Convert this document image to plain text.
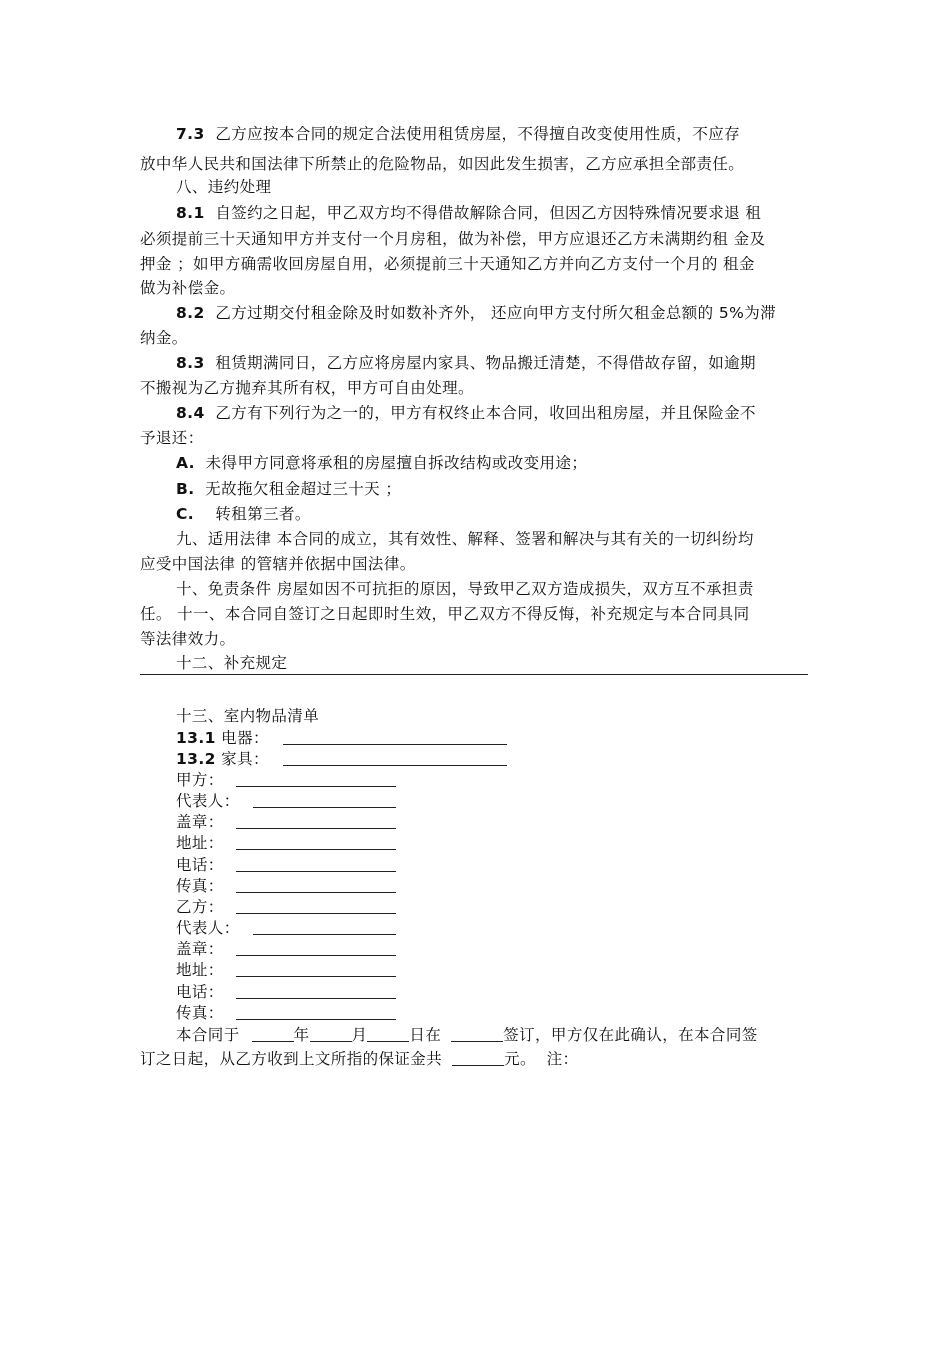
7.3 乙方应按本合同的规定合法使用租赁房屋，不得擅自改变使用性质，不应存
放中华人民共和国法律下所禁止的危险物品，如因此发生损害，乙方应承担全部责任。
八、违约处理
8.1 自签约之日起，甲乙双方均不得借故解除合同，但因乙方因特殊情况要求退 租
必须提前三十天通知甲方并支付一个月房租，做为补偿，甲方应退还乙方未满期约租 金及
押金 ；如甲方确需收回房屋自用，必须提前三十天通知乙方并向乙方支付一个月的 租金
做为补偿金。
8.2 乙方过期交付租金除及时如数补齐外， 还应向甲方支付所欠租金总额的 5%为滞
纳金。
8.3 租赁期满同日，乙方应将房屋内家具、物品搬迁清楚，不得借故存留，如逾期
不搬视为乙方抛弃其所有权，甲方可自由处理。
8.4 乙方有下列行为之一的，甲方有权终止本合同，收回出租房屋，并且保险金不
予退还：
A. 未得甲方同意将承租的房屋擅自拆改结构或改变用途；
B. 无故拖欠租金超过三十天 ；
C. 转租第三者。
九、适用法律 本合同的成立，其有效性、解释、签署和解决与其有关的一切纠纷均
应受中国法律 的管辖并依据中国法律。
十、免责条件 房屋如因不可抗拒的原因，导致甲乙双方造成损失，双方互不承担责
任。 十一、本合同自签订之日起即时生效，甲乙双方不得反悔，补充规定与本合同具同
等法律效力。
十二、补充规定
十三、室内物品清单
13.1 电器：
13.2 家具：
甲方：
代表人：
盖章：
地址：
电话：
传真：
乙方：
代表人：
盖章：
地址：
电话：
传真：
本合同于	年	月	日在	签订，甲方仅在此确认，在本合同签
订之日起，从乙方收到上文所指的保证金共	元。 注：
